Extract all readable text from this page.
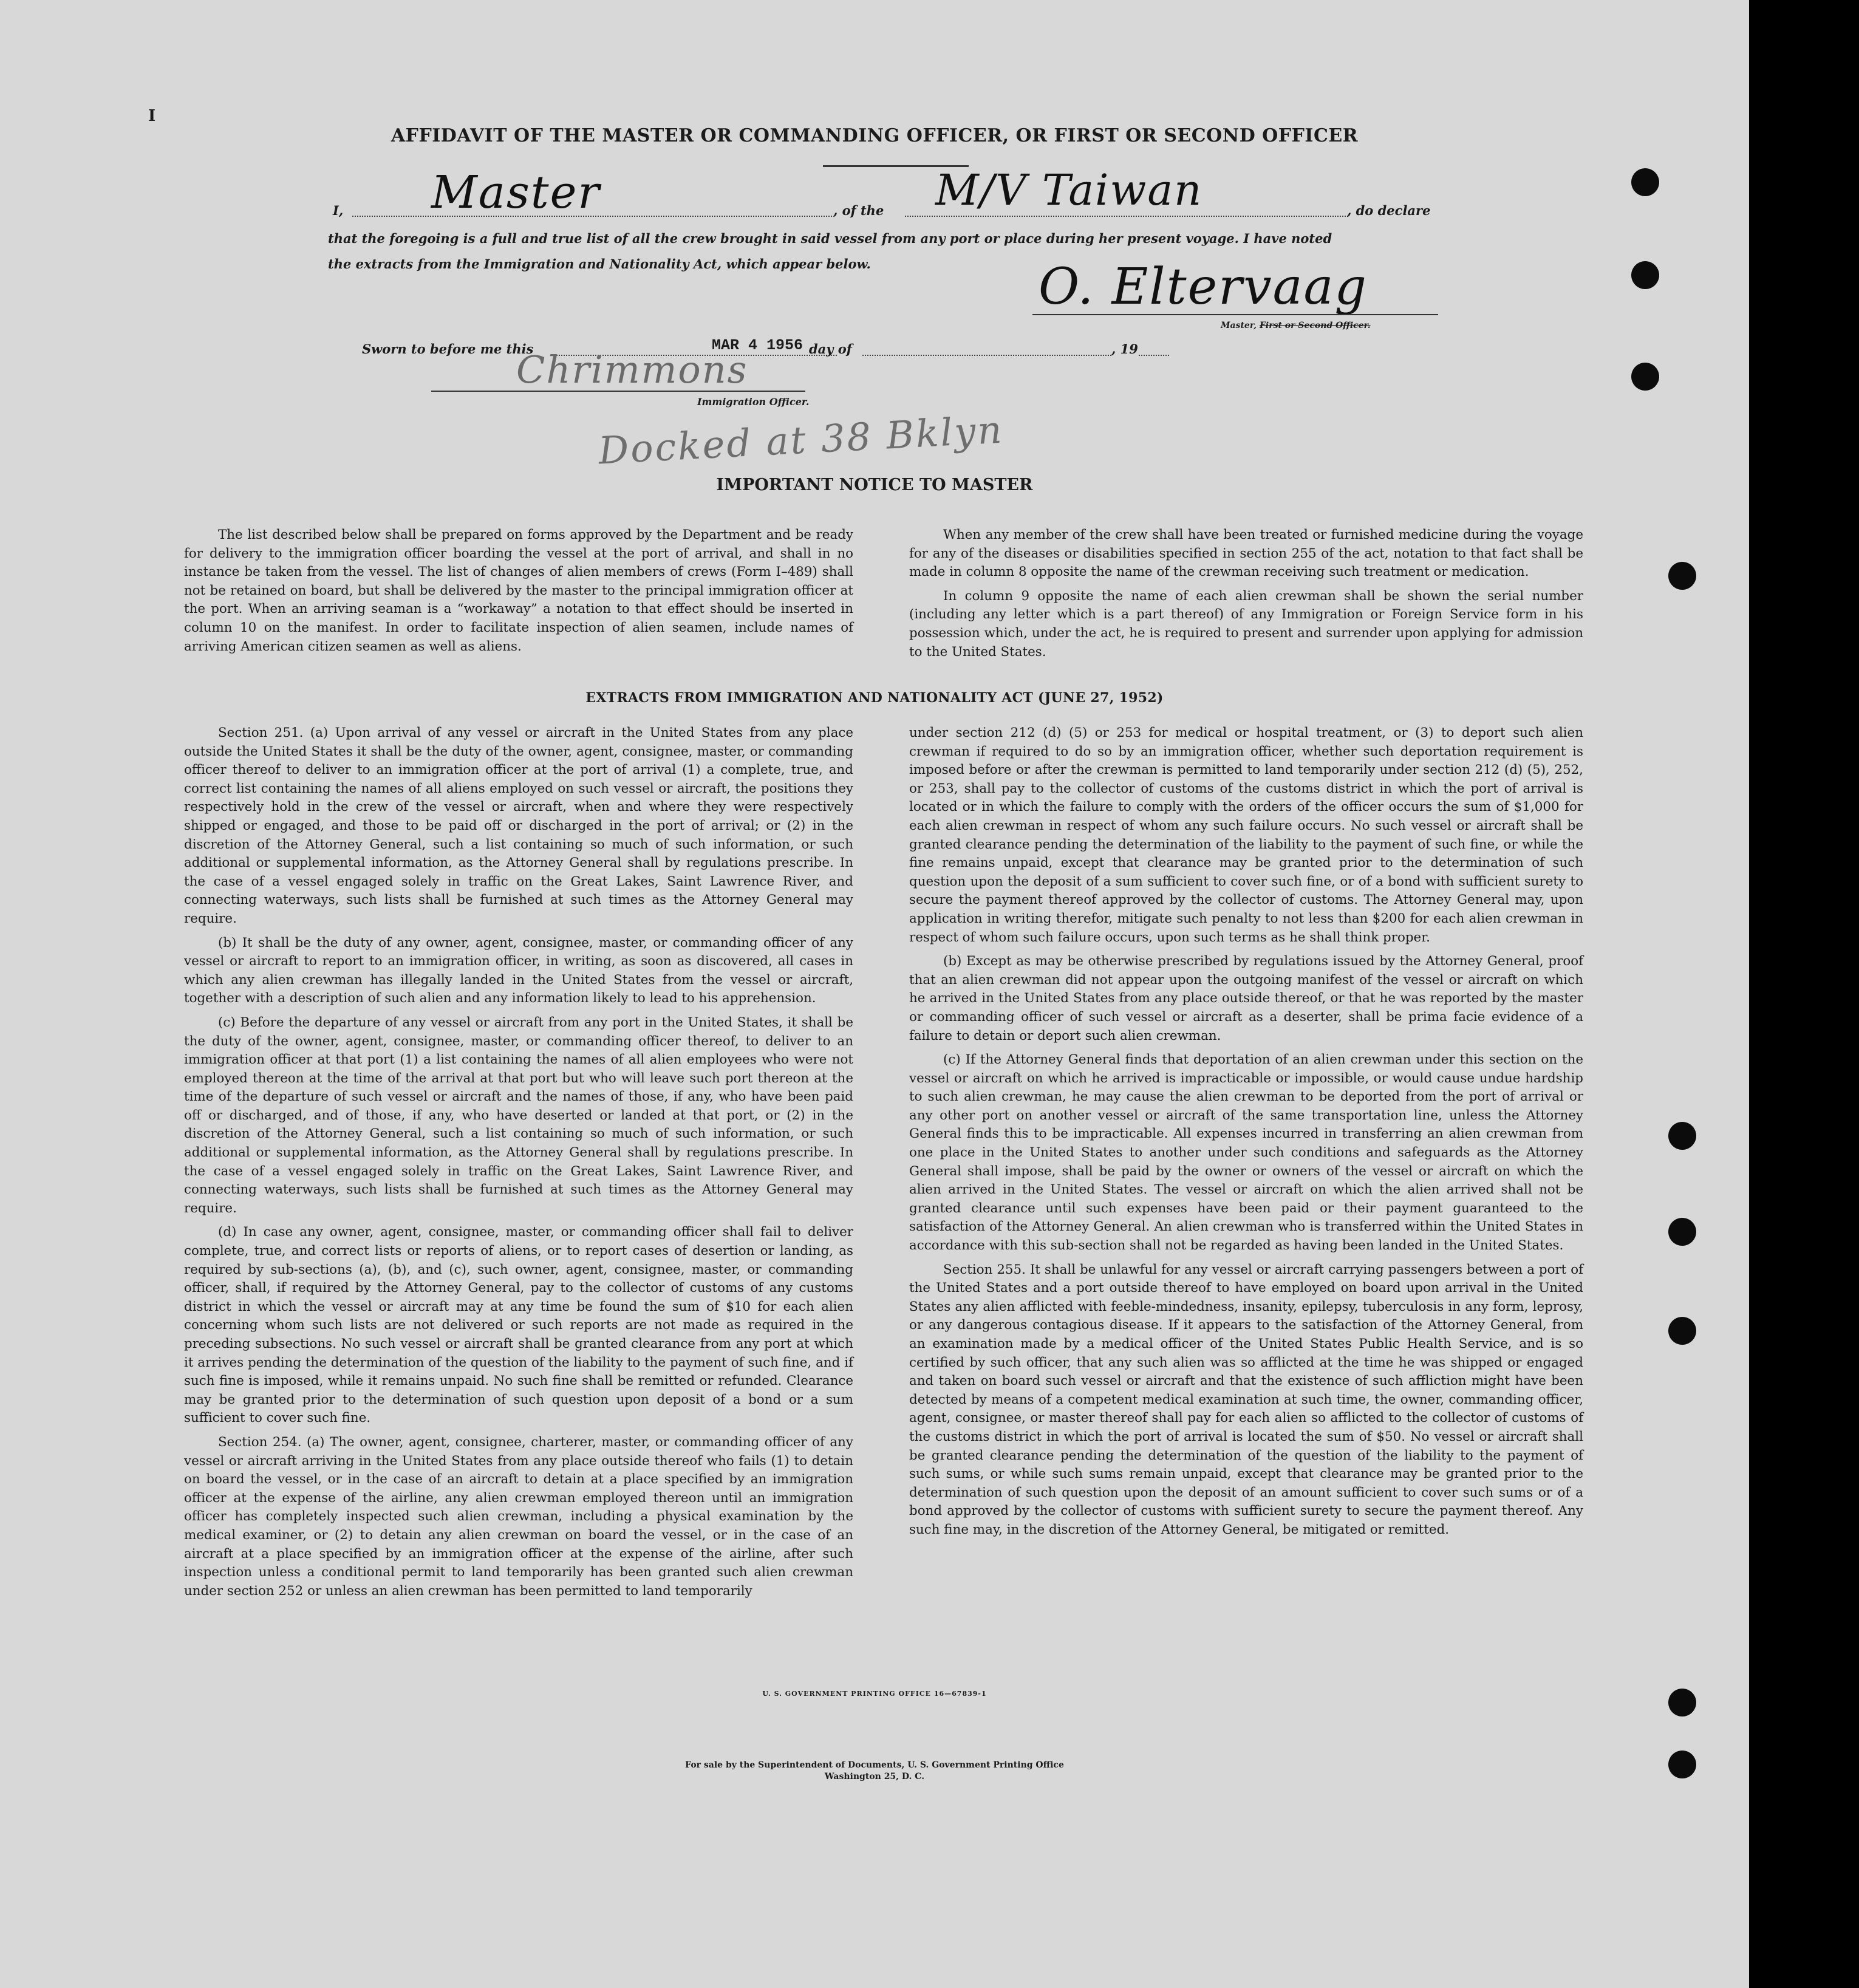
I
AFFIDAVIT OF THE MASTER OR COMMANDING OFFICER, OR FIRST OR SECOND OFFICER
I, Master	, of the M/V Taiwan	, do declare
that the foregoing is a full and true list of all the crew brought in said vessel from any port or place during her present voyage. I have noted
the extracts from the Immigration and Nationality Act, which appear below.	O. Eltervaag
Master, First or Second Officer.
Sworn to before me this	MAR 4 1956 day of	, 19
Chrimmons
Immigration Officer.
Docked at 38 Bklyn
IMPORTANT NOTICE TO MASTER

The list described below shall be prepared on forms approved by the Department and be ready for delivery to the immigration officer boarding the vessel at the port of arrival, and shall in no instance be taken from the vessel. The list of changes of alien members of crews (Form I–489) shall not be retained on board, but shall be delivered by the master to the principal immigration officer at the port. When an arriving seaman is a “workaway” a notation to that effect should be inserted in column 10 on the manifest. In order to facilitate inspection of alien seamen, include names of arriving American citizen seamen as well as aliens.

When any member of the crew shall have been treated or furnished medicine during the voyage for any of the diseases or disabilities specified in section 255 of the act, notation to that fact shall be made in column 8 opposite the name of the crewman receiving such treatment or medication.

In column 9 opposite the name of each alien crewman shall be shown the serial number (including any letter which is a part thereof) of any Immigration or Foreign Service form in his possession which, under the act, he is required to present and surrender upon applying for admission to the United States.

EXTRACTS FROM IMMIGRATION AND NATIONALITY ACT (JUNE 27, 1952)

Section 251. (a) Upon arrival of any vessel or aircraft in the United States from any place outside the United States it shall be the duty of the owner, agent, consignee, master, or commanding officer thereof to deliver to an immigration officer at the port of arrival (1) a complete, true, and correct list containing the names of all aliens employed on such vessel or aircraft, the positions they respectively hold in the crew of the vessel or aircraft, when and where they were respectively shipped or engaged, and those to be paid off or discharged in the port of arrival; or (2) in the discretion of the Attorney General, such a list containing so much of such information, or such additional or supplemental information, as the Attorney General shall by regulations prescribe. In the case of a vessel engaged solely in traffic on the Great Lakes, Saint Lawrence River, and connecting waterways, such lists shall be furnished at such times as the Attorney General may require.

(b) It shall be the duty of any owner, agent, consignee, master, or commanding officer of any vessel or aircraft to report to an immigration officer, in writing, as soon as discovered, all cases in which any alien crewman has illegally landed in the United States from the vessel or aircraft, together with a description of such alien and any information likely to lead to his apprehension.

(c) Before the departure of any vessel or aircraft from any port in the United States, it shall be the duty of the owner, agent, consignee, master, or commanding officer thereof, to deliver to an immigration officer at that port (1) a list containing the names of all alien employees who were not employed thereon at the time of the arrival at that port but who will leave such port thereon at the time of the departure of such vessel or aircraft and the names of those, if any, who have been paid off or discharged, and of those, if any, who have deserted or landed at that port, or (2) in the discretion of the Attorney General, such a list containing so much of such information, or such additional or supplemental information, as the Attorney General shall by regulations prescribe. In the case of a vessel engaged solely in traffic on the Great Lakes, Saint Lawrence River, and connecting waterways, such lists shall be furnished at such times as the Attorney General may require.

(d) In case any owner, agent, consignee, master, or commanding officer shall fail to deliver complete, true, and correct lists or reports of aliens, or to report cases of desertion or landing, as required by sub-sections (a), (b), and (c), such owner, agent, consignee, master, or commanding officer, shall, if required by the Attorney General, pay to the collector of customs of any customs district in which the vessel or aircraft may at any time be found the sum of $10 for each alien concerning whom such lists are not delivered or such reports are not made as required in the preceding subsections. No such vessel or aircraft shall be granted clearance from any port at which it arrives pending the determination of the question of the liability to the payment of such fine, and if such fine is imposed, while it remains unpaid. No such fine shall be remitted or refunded. Clearance may be granted prior to the determination of such question upon deposit of a bond or a sum sufficient to cover such fine.

Section 254. (a) The owner, agent, consignee, charterer, master, or commanding officer of any vessel or aircraft arriving in the United States from any place outside thereof who fails (1) to detain on board the vessel, or in the case of an aircraft to detain at a place specified by an immigration officer at the expense of the airline, any alien crewman employed thereon until an immigration officer has completely inspected such alien crewman, including a physical examination by the medical examiner, or (2) to detain any alien crewman on board the vessel, or in the case of an aircraft at a place specified by an immigration officer at the expense of the airline, after such inspection unless a conditional permit to land temporarily has been granted such alien crewman under section 252 or unless an alien crewman has been permitted to land temporarily

under section 212 (d) (5) or 253 for medical or hospital treatment, or (3) to deport such alien crewman if required to do so by an immigration officer, whether such deportation requirement is imposed before or after the crewman is permitted to land temporarily under section 212 (d) (5), 252, or 253, shall pay to the collector of customs of the customs district in which the port of arrival is located or in which the failure to comply with the orders of the officer occurs the sum of $1,000 for each alien crewman in respect of whom any such failure occurs. No such vessel or aircraft shall be granted clearance pending the determination of the liability to the payment of such fine, or while the fine remains unpaid, except that clearance may be granted prior to the determination of such question upon the deposit of a sum sufficient to cover such fine, or of a bond with sufficient surety to secure the payment thereof approved by the collector of customs. The Attorney General may, upon application in writing therefor, mitigate such penalty to not less than $200 for each alien crewman in respect of whom such failure occurs, upon such terms as he shall think proper.

(b) Except as may be otherwise prescribed by regulations issued by the Attorney General, proof that an alien crewman did not appear upon the outgoing manifest of the vessel or aircraft on which he arrived in the United States from any place outside thereof, or that he was reported by the master or commanding officer of such vessel or aircraft as a deserter, shall be prima facie evidence of a failure to detain or deport such alien crewman.

(c) If the Attorney General finds that deportation of an alien crewman under this section on the vessel or aircraft on which he arrived is impracticable or impossible, or would cause undue hardship to such alien crewman, he may cause the alien crewman to be deported from the port of arrival or any other port on another vessel or aircraft of the same transportation line, unless the Attorney General finds this to be impracticable. All expenses incurred in transferring an alien crewman from one place in the United States to another under such conditions and safeguards as the Attorney General shall impose, shall be paid by the owner or owners of the vessel or aircraft on which the alien arrived in the United States. The vessel or aircraft on which the alien arrived shall not be granted clearance until such expenses have been paid or their payment guaranteed to the satisfaction of the Attorney General. An alien crewman who is transferred within the United States in accordance with this sub-section shall not be regarded as having been landed in the United States.

Section 255. It shall be unlawful for any vessel or aircraft carrying passengers between a port of the United States and a port outside thereof to have employed on board upon arrival in the United States any alien afflicted with feeble-mindedness, insanity, epilepsy, tuberculosis in any form, leprosy, or any dangerous contagious disease. If it appears to the satisfaction of the Attorney General, from an examination made by a medical officer of the United States Public Health Service, and is so certified by such officer, that any such alien was so afflicted at the time he was shipped or engaged and taken on board such vessel or aircraft and that the existence of such affliction might have been detected by means of a competent medical examination at such time, the owner, commanding officer, agent, consignee, or master thereof shall pay for each alien so afflicted to the collector of customs of the customs district in which the port of arrival is located the sum of $50. No vessel or aircraft shall be granted clearance pending the determination of the question of the liability to the payment of such sums, or while such sums remain unpaid, except that clearance may be granted prior to the determination of such question upon the deposit of an amount sufficient to cover such sums or of a bond approved by the collector of customs with sufficient surety to secure the payment thereof. Any such fine may, in the discretion of the Attorney General, be mitigated or remitted.

U. S. GOVERNMENT PRINTING OFFICE 16—67839-1
For sale by the Superintendent of Documents, U. S. Government Printing Office
Washington 25, D. C.
